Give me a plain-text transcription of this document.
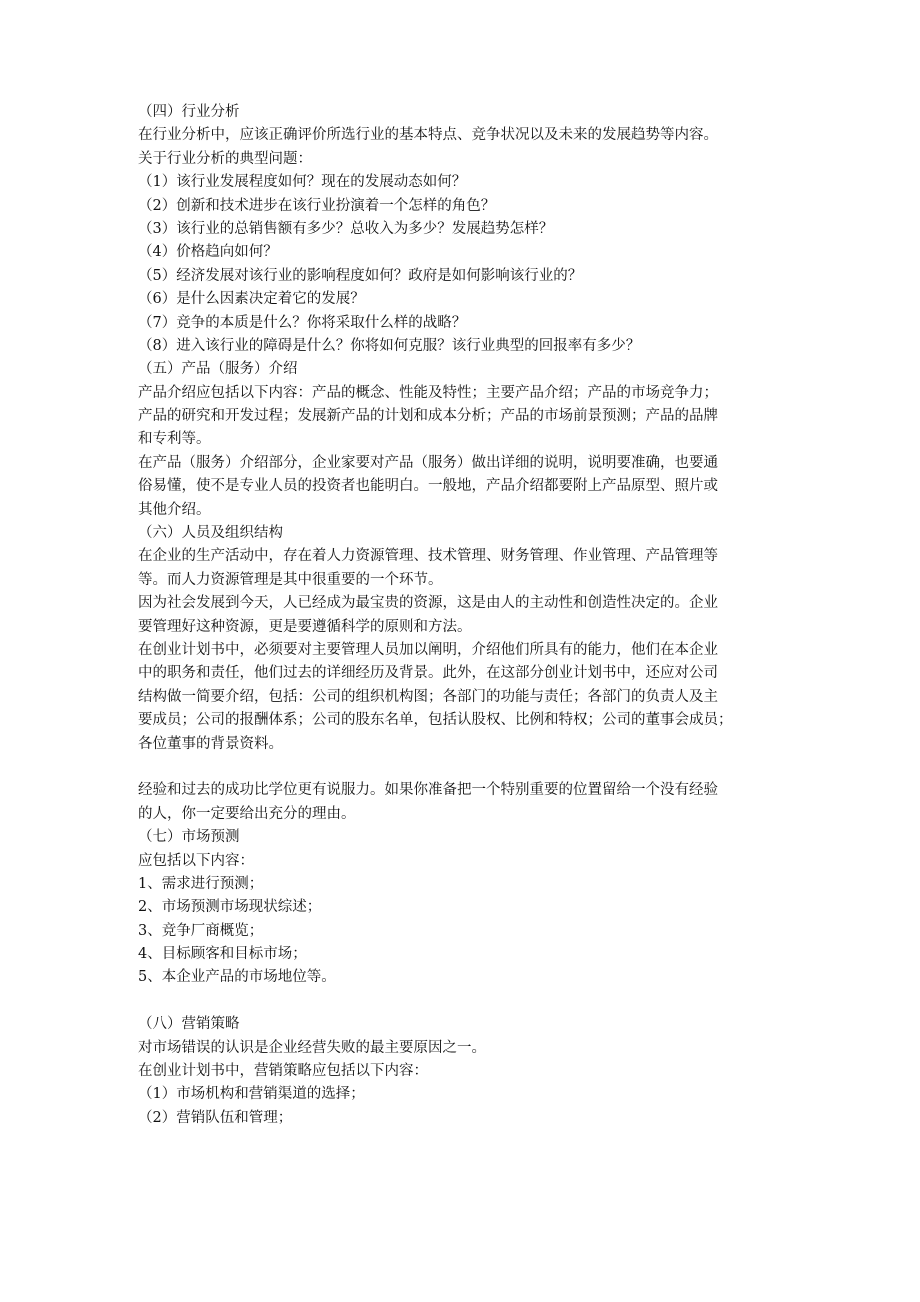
（四）行业分析
在行业分析中，应该正确评价所选行业的基本特点、竞争状况以及未来的发展趋势等内容。
关于行业分析的典型问题：
（1）该行业发展程度如何？现在的发展动态如何？
（2）创新和技术进步在该行业扮演着一个怎样的角色？
（3）该行业的总销售额有多少？总收入为多少？发展趋势怎样？
（4）价格趋向如何？
（5）经济发展对该行业的影响程度如何？政府是如何影响该行业的？
（6）是什么因素决定着它的发展？
（7）竞争的本质是什么？你将采取什么样的战略？
（8）进入该行业的障碍是什么？你将如何克服？该行业典型的回报率有多少？
（五）产品（服务）介绍
产品介绍应包括以下内容：产品的概念、性能及特性；主要产品介绍；产品的市场竞争力；
产品的研究和开发过程；发展新产品的计划和成本分析；产品的市场前景预测；产品的品牌
和专利等。
在产品（服务）介绍部分，企业家要对产品（服务）做出详细的说明，说明要准确，也要通
俗易懂，使不是专业人员的投资者也能明白。一般地，产品介绍都要附上产品原型、照片或
其他介绍。
（六）人员及组织结构
在企业的生产活动中，存在着人力资源管理、技术管理、财务管理、作业管理、产品管理等
等。而人力资源管理是其中很重要的一个环节。
因为社会发展到今天，人已经成为最宝贵的资源，这是由人的主动性和创造性决定的。企业
要管理好这种资源，更是要遵循科学的原则和方法。
在创业计划书中，必须要对主要管理人员加以阐明，介绍他们所具有的能力，他们在本企业
中的职务和责任，他们过去的详细经历及背景。此外，在这部分创业计划书中，还应对公司
结构做一简要介绍，包括：公司的组织机构图；各部门的功能与责任；各部门的负责人及主
要成员；公司的报酬体系；公司的股东名单，包括认股权、比例和特权；公司的董事会成员；
各位董事的背景资料。
经验和过去的成功比学位更有说服力。如果你准备把一个特别重要的位置留给一个没有经验
的人，你一定要给出充分的理由。
（七）市场预测
应包括以下内容：
1、需求进行预测；
2、市场预测市场现状综述；
3、竞争厂商概览；
4、目标顾客和目标市场；
5、本企业产品的市场地位等。
（八）营销策略
对市场错误的认识是企业经营失败的最主要原因之一。
在创业计划书中，营销策略应包括以下内容：
（1）市场机构和营销渠道的选择；
（2）营销队伍和管理；
